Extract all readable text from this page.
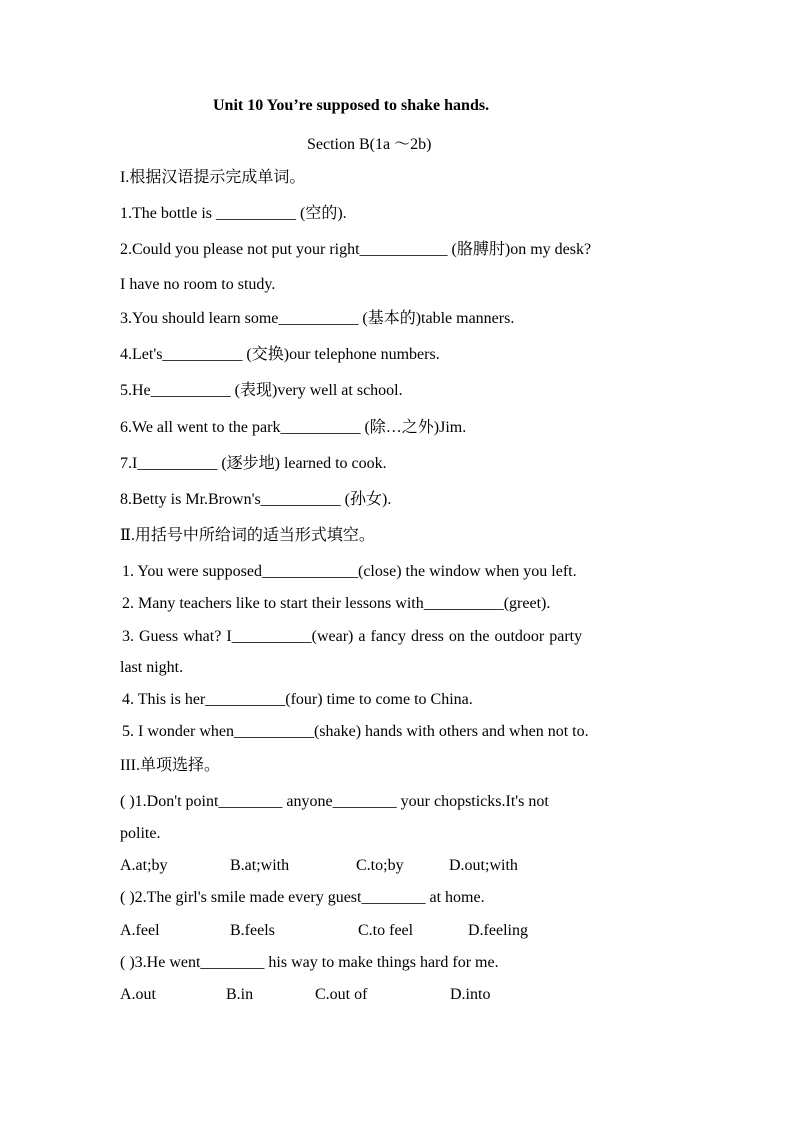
Unit 10 You’re supposed to shake hands.
Section B(1a ～2b)
I.根据汉语提示完成单词。
1.The bottle is __________ (空的).
2.Could you please not put your right___________ (胳膊肘)on my desk?
I have no room to study.
3.You should learn some__________ (基本的)table manners.
4.Let's__________ (交换)our telephone numbers.
5.He__________ (表现)very well at school.
6.We all went to the park__________ (除…之外)Jim.
7.I__________ (逐步地) learned to cook.
8.Betty is Mr.Brown's__________ (孙女).
Ⅱ.用括号中所给词的适当形式填空。
1. You were supposed____________(close) the window when you left.
2. Many teachers like to start their lessons with__________(greet).
3. Guess what? I__________(wear) a fancy dress on the outdoor party
last night.
4. This is her__________(four) time to come to China.
5. I wonder when__________(shake) hands with others and when not to.
III.单项选择。
( )1.Don't point________ anyone________ your chopsticks.It's not
polite.
A.at;by	B.at;with	C.to;by	D.out;with
( )2.The girl's smile made every guest________ at home.
A.feel	B.feels	C.to feel	D.feeling
( )3.He went________ his way to make things hard for me.
A.out	B.in	C.out of	D.into
